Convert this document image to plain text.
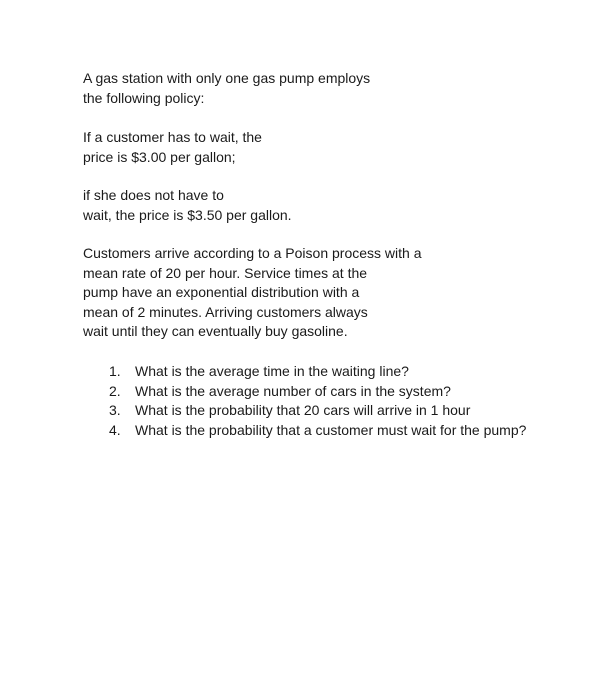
A gas station with only one gas pump employs
the following policy:

If a customer has to wait, the
price is $3.00 per gallon;

if she does not have to
wait, the price is $3.50 per gallon.

Customers arrive according to a Poison process with a
mean rate of 20 per hour. Service times at the
pump have an exponential distribution with a
mean of 2 minutes. Arriving customers always
wait until they can eventually buy gasoline.

1.	What is the average time in the waiting line?
2.	What is the average number of cars in the system?
3.	What is the probability that 20 cars will arrive in 1 hour
4.	What is the probability that a customer must wait for the pump?
